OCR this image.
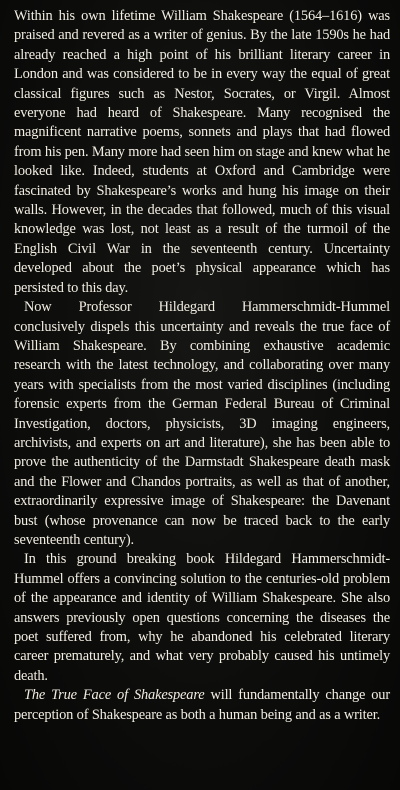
Within his own lifetime William Shakespeare (1564–1616) was praised and revered as a writer of genius. By the late 1590s he had already reached a high point of his brilliant literary career in London and was considered to be in every way the equal of great classical figures such as Nestor, Socrates, or Virgil. Almost everyone had heard of Shakespeare. Many recognised the magnificent narrative poems, sonnets and plays that had flowed from his pen. Many more had seen him on stage and knew what he looked like. Indeed, students at Oxford and Cambridge were fascinated by Shakespeare’s works and hung his image on their walls. However, in the decades that followed, much of this visual knowledge was lost, not least as a result of the turmoil of the English Civil War in the seventeenth century. Uncertainty developed about the poet’s physical appearance which has persisted to this day.

Now Professor Hildegard Hammerschmidt-Hummel conclusively dispels this uncertainty and reveals the true face of William Shakespeare. By combining exhaustive academic research with the latest technology, and collaborating over many years with specialists from the most varied disciplines (including forensic experts from the German Federal Bureau of Criminal Investigation, doctors, physicists, 3D imaging engineers, archivists, and experts on art and literature), she has been able to prove the authenticity of the Darmstadt Shakespeare death mask and the Flower and Chandos portraits, as well as that of another, extraordinarily expressive image of Shakespeare: the Davenant bust (whose provenance can now be traced back to the early seventeenth century).

In this ground breaking book Hildegard Hammerschmidt-Hummel offers a convincing solution to the centuries-old problem of the appearance and identity of William Shakespeare. She also answers previously open questions concerning the diseases the poet suffered from, why he abandoned his celebrated literary career prematurely, and what very probably caused his untimely death.

The True Face of Shakespeare will fundamentally change our perception of Shakespeare as both a human being and as a writer.
